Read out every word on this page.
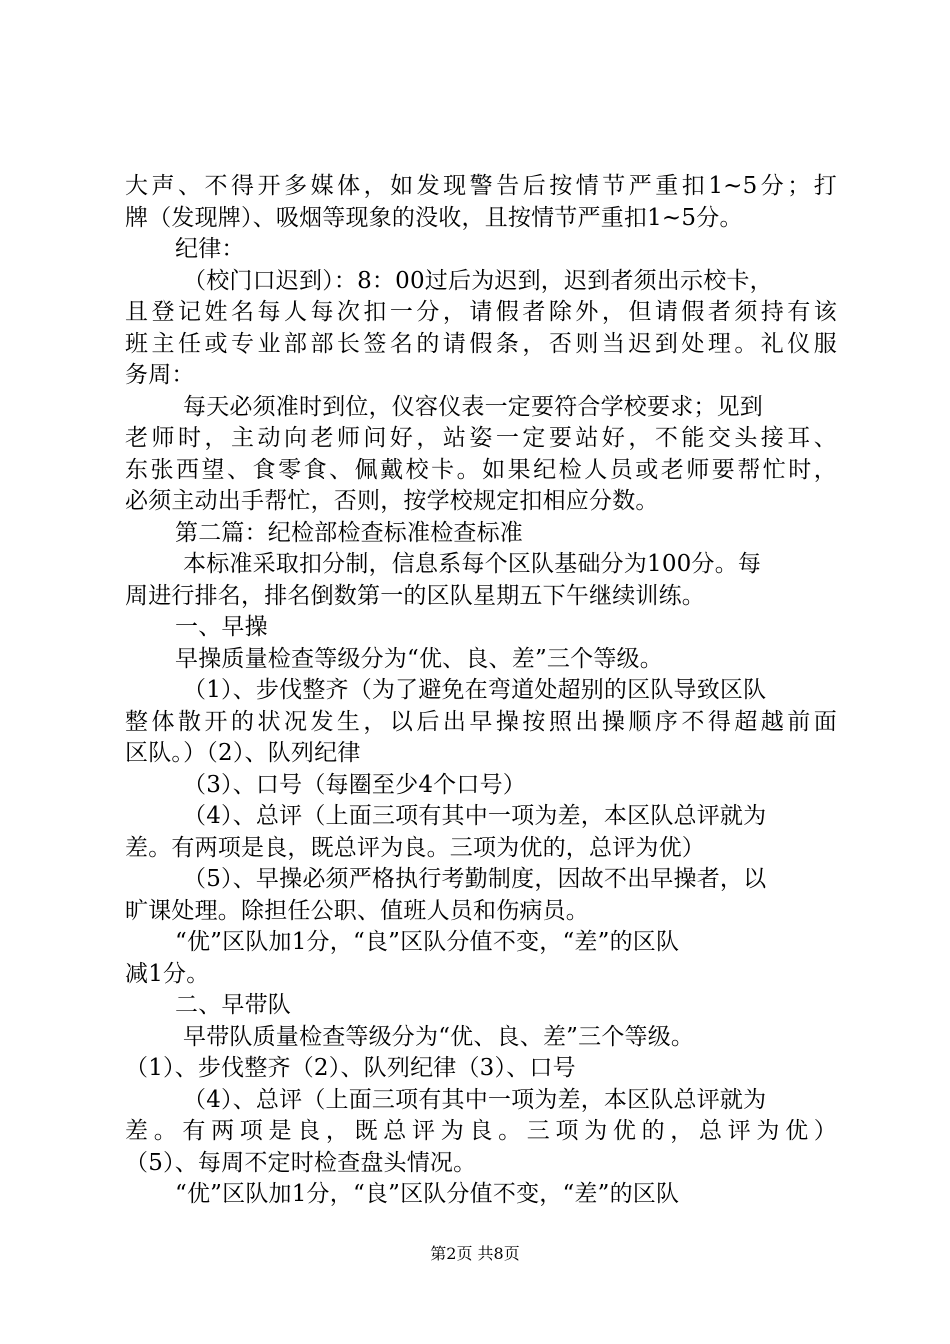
大声、不得开多媒体，如发现警告后按情节严重扣1~5分；打
牌（发现牌）、吸烟等现象的没收，且按情节严重扣1~5分。
纪律：
（校门口迟到）：8：00过后为迟到，迟到者须出示校卡，
且登记姓名每人每次扣一分，请假者除外，但请假者须持有该
班主任或专业部部长签名的请假条，否则当迟到处理。礼仪服
务周：
每天必须准时到位，仪容仪表一定要符合学校要求；见到
老师时，主动向老师问好，站姿一定要站好，不能交头接耳、
东张西望、食零食、佩戴校卡。如果纪检人员或老师要帮忙时，
必须主动出手帮忙，否则，按学校规定扣相应分数。
第二篇：纪检部检查标准检查标准
本标准采取扣分制，信息系每个区队基础分为100分。每
周进行排名，排名倒数第一的区队星期五下午继续训练。
一、早操
早操质量检查等级分为“优、良、差”三个等级。
（1）、步伐整齐（为了避免在弯道处超别的区队导致区队
整体散开的状况发生，以后出早操按照出操顺序不得超越前面
区队。）（2）、队列纪律
（3）、口号（每圈至少4个口号）
（4）、总评（上面三项有其中一项为差，本区队总评就为
差。有两项是良，既总评为良。三项为优的，总评为优）
（5）、早操必须严格执行考勤制度，因故不出早操者，以
旷课处理。除担任公职、值班人员和伤病员。
“优”区队加1分，“良”区队分值不变，“差”的区队
减1分。
二、早带队
早带队质量检查等级分为“优、良、差”三个等级。
（1）、步伐整齐（2）、队列纪律（3）、口号
（4）、总评（上面三项有其中一项为差，本区队总评就为
差。有两项是良，既总评为良。三项为优的，总评为优）
（5）、每周不定时检查盘头情况。
“优”区队加1分，“良”区队分值不变，“差”的区队
第2页 共8页
